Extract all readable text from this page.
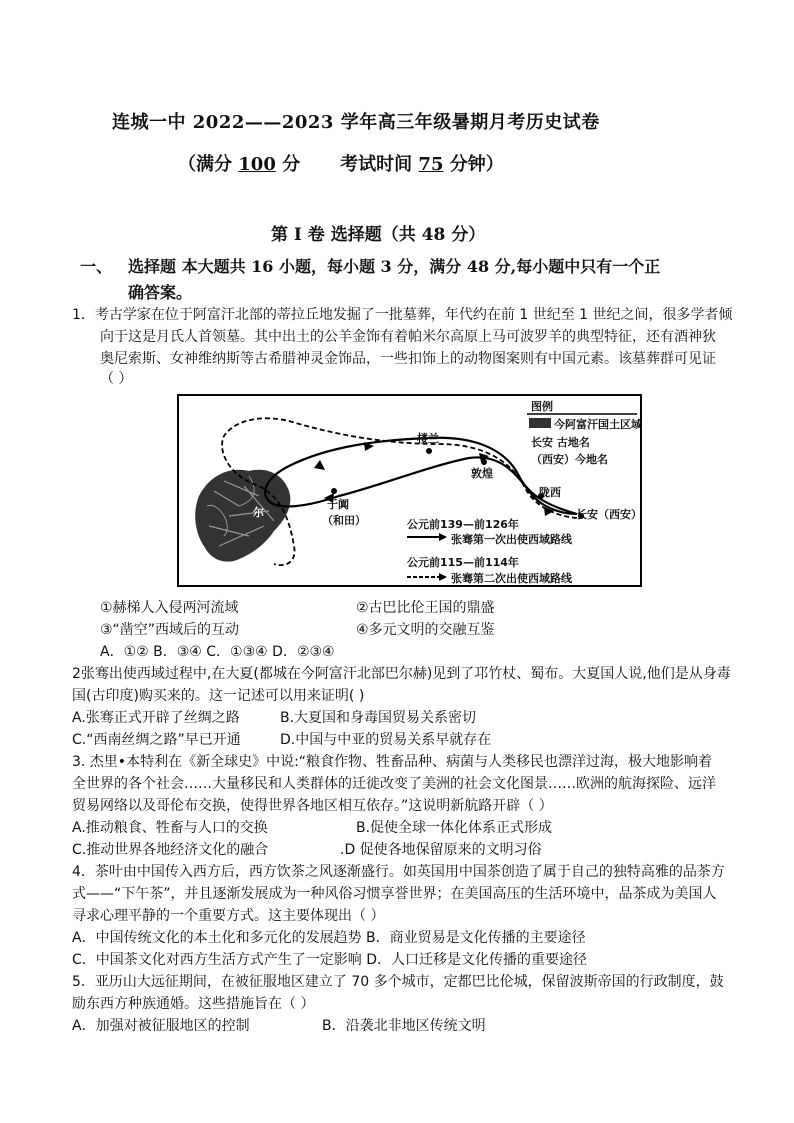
连城一中 2022——2023 学年高三年级暑期月考历史试卷
（满分 100 分 考试时间 75 分钟）
第 I 卷 选择题（共 48 分）
一、 选择题 本大题共 16 小题，每小题 3 分，满分 48 分,每小题中只有一个正
确答案。
1．考古学家在位于阿富汗北部的蒂拉丘地发掘了一批墓葬，年代约在前 1 世纪至 1 世纪之间，很多学者倾
向于这是月氏人首领墓。其中出土的公羊金饰有着帕米尔高原上马可波罗羊的典型特征，还有酒神狄
奥尼索斯、女神维纳斯等古希腊神灵金饰品，一些扣饰上的动物图案则有中国元素。该墓葬群可见证
（ ）
图例
今阿富汗国土区域
长安 古地名
（西安）今地名
楼兰
敦煌
陇西
长安（西安）
于阗
（和田）
尔
公元前139—前126年
张骞第一次出使西域路线
公元前115—前114年
张骞第二次出使西域路线
①赫梯人入侵两河流域	②古巴比伦王国的鼎盛
③“凿空”西域后的互动	④多元文明的交融互鉴
A．①② B．③④ C．①③④ D．②③④
2张骞出使西域过程中,在大夏(都城在今阿富汗北部巴尔赫)见到了邛竹杖、蜀布。大夏国人说,他们是从身毒
国(古印度)购买来的。这一记述可以用来证明( )
A.张骞正式开辟了丝绸之路	B.大夏国和身毒国贸易关系密切
C.“西南丝绸之路”早已开通	D.中国与中亚的贸易关系早就存在
3. 杰里•本特利在《新全球史》中说:“粮食作物、牲畜品种、病菌与人类移民也漂洋过海，极大地影响着
全世界的各个社会……大量移民和人类群体的迁徙改变了美洲的社会文化图景……欧洲的航海探险、远洋
贸易网络以及哥伦布交换，使得世界各地区相互依存。”这说明新航路开辟（ ）
A.推动粮食、牲畜与人口的交换	B.促使全球一体化体系正式形成
C.推动世界各地经济文化的融合	.D 促使各地保留原来的文明习俗
4．茶叶由中国传入西方后，西方饮茶之风逐渐盛行。如英国用中国茶创造了属于自己的独特高雅的品茶方
式——“下午茶”，并且逐渐发展成为一种风俗习惯享誉世界；在美国高压的生活环境中，品茶成为美国人
寻求心理平静的一个重要方式。这主要体现出（ ）
A．中国传统文化的本土化和多元化的发展趋势 B．商业贸易是文化传播的主要途径
C．中国茶文化对西方生活方式产生了一定影响 D．人口迁移是文化传播的重要途径
5．亚历山大远征期间，在被征服地区建立了 70 多个城市，定都巴比伦城，保留波斯帝国的行政制度，鼓
励东西方种族通婚。这些措施旨在（ ）
A．加强对被征服地区的控制	B．沿袭北非地区传统文明
